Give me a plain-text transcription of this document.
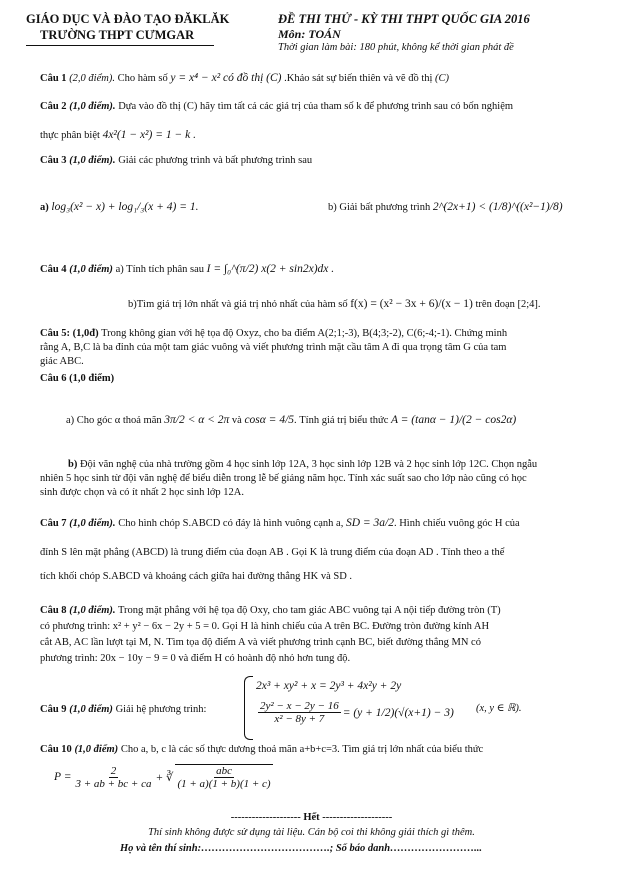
GIÁO DỤC VÀ ĐÀO TẠO ĐĂKLĂK
TRƯỜNG THPT CƯMGAR
ĐỀ THI THỬ - KỲ THI THPT QUỐC GIA 2016
Môn: TOÁN
Thời gian làm bài: 180 phút, không kể thời gian phát đề
Câu 1 (2,0 điểm). Cho hàm số y = x⁴ − x² có đồ thị (C) .Khảo sát sự biến thiên và vẽ đồ thị (C)
Câu 2 (1,0 điểm). Dựa vào đồ thị (C) hãy tìm tất cả các giá trị của tham số k để phương trình sau có bốn nghiệm
thực phân biệt 4x²(1 − x²) = 1 − k .
Câu 3 (1,0 điểm). Giải các phương trình và bất phương trình sau
a) log₃(x² − x) + log₁/₃(x + 4) = 1.	b) Giải bất phương trình 2^(2x+1) < (1/8)^((x²−1)/8)
Câu 4 (1,0 điểm) a) Tính tích phân sau I = ∫₀^(π/2) x(2 + sin2x)dx .
b)Tìm giá trị lớn nhất và giá trị nhỏ nhất của hàm số f(x) = (x² − 3x + 6)/(x − 1) trên đoạn [2;4].
Câu 5: (1,0đ) Trong không gian với hệ tọa độ Oxyz, cho ba điểm A(2;1;-3), B(4;3;-2), C(6;-4;-1). Chứng minh
rằng A, B,C là ba đỉnh của một tam giác vuông và viết phương trình mặt cầu tâm A đi qua trọng tâm G của tam
giác ABC.
Câu 6 (1,0 điểm)
a) Cho góc α thoả mãn 3π/2 < α < 2π và cosα = 4/5. Tính giá trị biểu thức A = (tanα − 1)/(2 − cos2α)
b) Đội văn nghệ của nhà trường gồm 4 học sinh lớp 12A, 3 học sinh lớp 12B và 2 học sinh lớp 12C. Chọn ngẫu
nhiên 5 học sinh từ đội văn nghệ để biểu diễn trong lễ bế giảng năm học. Tính xác suất sao cho lớp nào cũng có học
sinh được chọn và có ít nhất 2 học sinh lớp 12A.
Câu 7 (1,0 điểm). Cho hình chóp S.ABCD có đáy là hình vuông cạnh a, SD = 3a/2. Hình chiếu vuông góc H của
đỉnh S lên mặt phẳng (ABCD) là trung điểm của đoạn AB . Gọi K là trung điểm của đoạn AD . Tính theo a thể
tích khối chóp S.ABCD và khoảng cách giữa hai đường thẳng HK và SD .
Câu 8 (1,0 điểm). Trong mặt phẳng với hệ tọa độ Oxy, cho tam giác ABC vuông tại A nội tiếp đường tròn (T)
có phương trình: x² + y² − 6x − 2y + 5 = 0. Gọi H là hình chiếu của A trên BC. Đường tròn đường kính AH
cắt AB, AC lần lượt tại M, N. Tìm tọa độ điểm A và viết phương trình cạnh BC, biết đường thẳng MN có
phương trình: 20x − 10y − 9 = 0 và điểm H có hoành độ nhỏ hơn tung độ.
Câu 9 (1,0 điểm) Giải hệ phương trình:
2x³ + xy² + x = 2y³ + 4x²y + 2y
$\frac{\text{2y² − x − 2y − 16}}{\text{x² − 8y + 7}} = (y + 1/2)(√(x+1) - 3)$ (x, y ∈ ℝ).
Câu 10 (1,0 điểm) Cho a, b, c là các số thực dương thoả mãn a+b+c=3. Tìm giá trị lớn nhất của biểu thức
$P = \frac{2}{3 + ab + bc + ca}$ + ∛ $\frac{\text{abc}}{(1 + a)(1 + b)(1 + c)}$
-------------------- Hết --------------------
Thí sinh không được sử dụng tài liệu. Cán bộ coi thi không giải thích gì thêm.
Họ và tên thí sinh:……………………………….; Số báo danh……………………...
